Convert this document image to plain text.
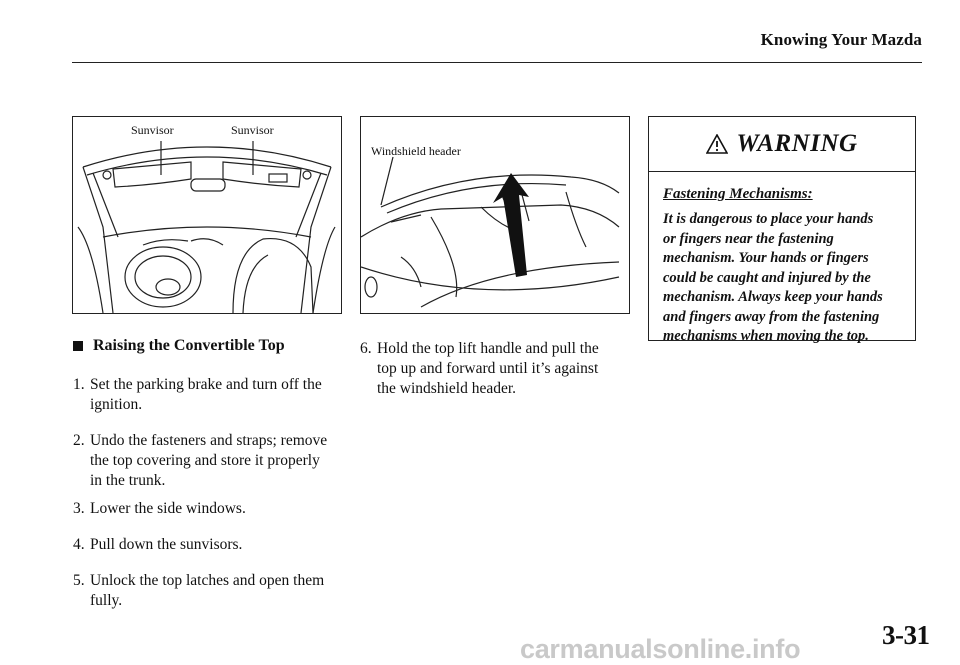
Knowing Your Mazda
Sunvisor	Sunvisor
Windshield header	WARNING
Fastening Mechanisms:
It is dangerous to place your hands
or fingers near the fastening
mechanism. Your hands or fingers
could be caught and injured by the
mechanism. Always keep your hands
and fingers away from the fastening
mechanisms when moving the top.
Raising the Convertible Top
1. Set the parking brake and turn off the
ignition.
2. Undo the fasteners and straps; remove
the top covering and store it properly
in the trunk.
3. Lower the side windows.
4. Pull down the sunvisors.
5. Unlock the top latches and open them
fully.
6. Hold the top lift handle and pull the
top up and forward until it’s against
the windshield header.
carmanualsonline.info	3-31
